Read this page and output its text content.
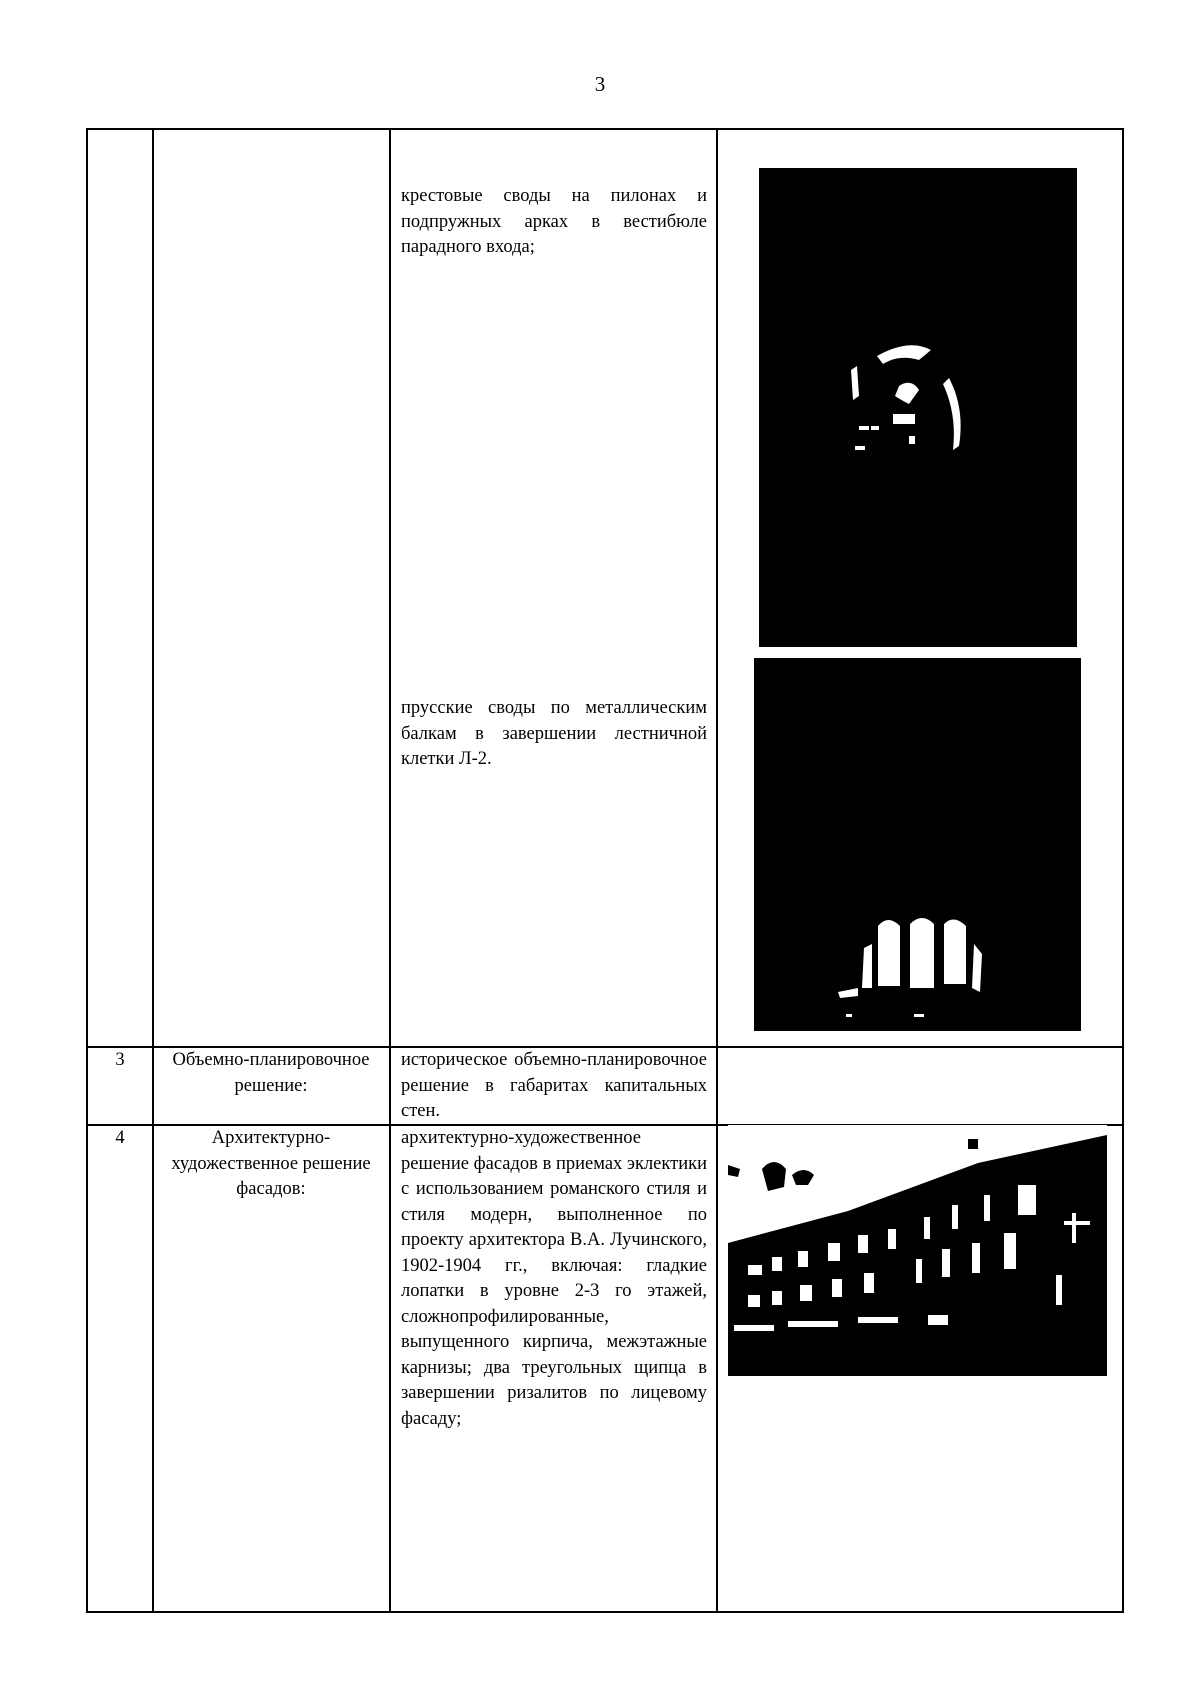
3
крестовые своды на пилонах и подпружных арках в вестибюле парадного входа;
прусские своды по металлическим балкам в завершении лестничной клетки Л-2.
3	Объемно-планировочное решение:
историческое объемно-планировочное решение в габаритах капитальных стен.
4	Архитектурно-художественное решение фасадов:
архитектурно-художественное решение фасадов в приемах эклектики с использованием романского стиля и стиля модерн, выполненное по проекту архитектора В.А. Лучинского, 1902-1904 гг., включая: гладкие лопатки в уровне 2-3 го этажей, сложнопрофилированные, выпущенного кирпича, межэтажные карнизы; два треугольных щипца в завершении ризалитов по лицевому фасаду;
